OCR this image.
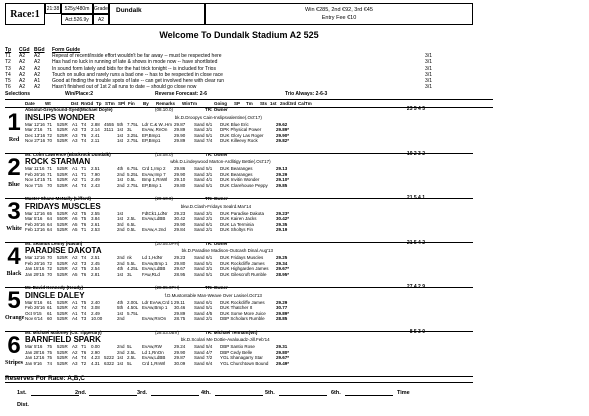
Race:1	21:38	525y/480m Grade
Act.526.9y	A2
Dundalk	Win €285, 2nd €92, 3rd €45
Entry Fee €10
Welcome To Dundalk Stadium A2 525
Tp	CGd BGd	Form Guide
T1	A2	A2	Repeat of recent/inside effort wouldn't be far away -- must be respected here	3/1
T2	A2	A2	Has had no luck in running of late & shows in mode now -- have shortlisted	3/1
T3	A2	A2	In sound form lately and bids for the hat trick tonight -- is included for Trios	3/1
T4	A2	A2	Touch on sulks and rarely runs a bad one -- has to be respected in close race	3/1
T5	A2	A1	Good at finding the trouble spots of late -- can get involved here with clear run	3/1
T6	A2	A2	Hasn't finished out of 1st 2 all runs to date -- should go close now	3/1
Selections	Win/Place:2	Reverse Forecast: 2-6	Trio Always: 2-6-3
Date	Wt	Dst RnGd Tp STm SPl Fin	By	Remarks	WinTm	Going	SP	Tm	Sts 1st 2nd/3rd CalTm
1
Red
Absolut-Greyhound-Syed(Michael Doyle)	(08.10.0)	TR: Owner	23 5 4 5
INSLIPS WONDER	bk.D.Droopys Cain-Inslipsvalentine(.Oct'17)
Mar 12'16 71	525R A1 T4	2.88 4555 5th 7.75L Ldr C.& W..Hm 29.87	Sand 6/1	DUK Blue Eric	29.62
Mar 2'16	71	525R A3 T3	2.14 3111 1st 3L	EvAw,.RnOn	29.89	Sand 3/1	DPK Physical Power	29.89*
Dec 13'16 72	525R A3 T6	2.41	1st 3.25L EP,Bmp1	29.90	Sand 5/1	DUK Glory Las Roger	29.90*
Nov 27'16 70	525R A3 T4	2.11	1st 2.75L EP,Bmp1	29.89	Sand 7/4	DUK Killeevy Rock	29.82*
2
Blue
Mr. Colm Lawrence (Blackrock Dundalk)	(15.08.0)	TR: Owner	19 2 3 2
ROCK STARMAN	wbk.D.Lindeywood Marton-Ardlitigy Bettie(.Oct'17)
Mar 11'16 71	525R A1 T1	2.51	4th 6.75L Crd 1,Imp 2	29.86	Sand 5/1	DUK Bearanges	29.13
Feb 26'16 71	525R A1 T1	7.90	2nd 5.25L EvAw,Imp 7	29.90	Sand 3/1	DUK Bearanges	29.29
Nov 14'15 71	525R A2 T1	2.49	1st 0.5L	Bmp 1,RnWl	29.10	Sand 4/1	DUK Invitin Wonder	29.10*
Nov 7'15 70	525R A4 T4	2.43	2nd 2.75L EP,Bmp 1	29.80	Sand 5/1	DUK Clarehouse Peppy	29.85
3
White
Master Shane McNally (Lifford)	(29.10.0)	TR: Owner	21 5 4 1
FRIDAYS MUSCLES	bkw.D.Clash-Fridays Sealrd.Mar'14
Mar 12'16 65	525R A2 T5	2.55	1st	FdtCk1,LdNr	29.23	Sand 3/1	DUK Paradise Dakota	29.23*
Mar 5'16	64	550R A5 T5	3.84	1st 2.5L	EvAw,LdBB	30.42	Sand 2/1	DUK Kairen Jacks	30.42*
Feb 26'16 64	525R A5 T6	2.61	3rd 6.5L	29.90	Sand 6/1	DUK La Terminia	29.35
Feb 13'16 64	525R A5 T1	2.53	2nd 0.5L	EvAw,A 2nd	29.84	Sand 2/1	DUK Sholtys Fin	29.19
4
Black
Mr. Seamus Lenny (Navan)	(20.05.0PH)	TR: Owner	21 5 4 2
PARADISE DAKOTA	bk.D.Paradise Madison-Outcash Dinal.Aug'13
Mar 12'16 70	525R A2 T4	2.51	2nd nk	Ld 1,HdNr	29.23	Sand 6/1	DUK Fridays Muscles	29.25
Feb 26'16 72	525R A2 T3	2.45	2nd 5.5L	EvAw,Bmp 1	29.80	Sand 5/1	DUK Rockcliffe James	29.34
Jan 15'16 72	525R A2 T5	2.54	4th 4.25L EvAw,LdBB	29.67	Sand 3/1	DUK Highgarden James	29.67*
Jan 29'15 70	525R A5 T6	2.81	1st 3L	FAw,RLd	28.95	Sand 5/1	DUK Gilescroft Rumble	28.95*
5
Orange
Mr. David Kennedy (Keady)	(28.05.0PH)	TR: Owner	27 4 2 9
DINGLE DALEY	f.D.Mustontable Man-Weave Over Lasisel.Oct'13
Mar 5'16	61	525R A1 T5	2.40	4th 2.00L Ldr EvAw,Crd 1 29.11	Sand 6/1	DUK Rockcliffe James	29.29
Feb 26'16 61	525R A2 T4	3.08	5th 4.50L EvAw,Bmp 1	30.46	Sand 5/1	DUK Thatcher It	30.77
Oct 9'15	61	525R A1 T4	2.49	1st 5.75L	29.89	Sand 4/5	DUK Some More Juice	29.89*
Nov 6'14 60	525R A4 T3	10.00	2nd	EvAw,RnOn	28.75	Sand 2/1	DBP Scholars Rumble	28.85
6
Stripes
Mr. Michael Maloney (Co. Tipperary)	(28.03.0BV)	TR: Michael Tennant(Wt)	8 5 3 0
BARNFIELD SPARK	bk.D.Scolari Me Dottie-Avalouadz-Jill.Feb'14
Mar 5'16	75	525R A2 T1	0.00	2nd 5L	EvAw,RW	29.24	Sand 5/4	DBP Santio Rose	29.31
Jan 28'16 75	525R A2 T6	2.90	2nd 2.5L	Ld 1,RnOn	29.90	Sand 4/7	DBP Cedy Belle	29.80*
Jan 12'16 75	525R A4 T4	4.23 5222 1st 2.5L	EvAw,LdBB	29.87	Sand 7/2	YGL Shanagarry Star	29.67*
Jan 9'16	74	525R A3 T2	4.31 6322 1st 5L	Crd 1,RnWl	30.09	Sand 6/4	YGL Churchtown Bound	29.49*
Reserves For Race: A,B,C
Dist.
1st.	2nd.	3rd.	4th.	5th.	6th.	Time
